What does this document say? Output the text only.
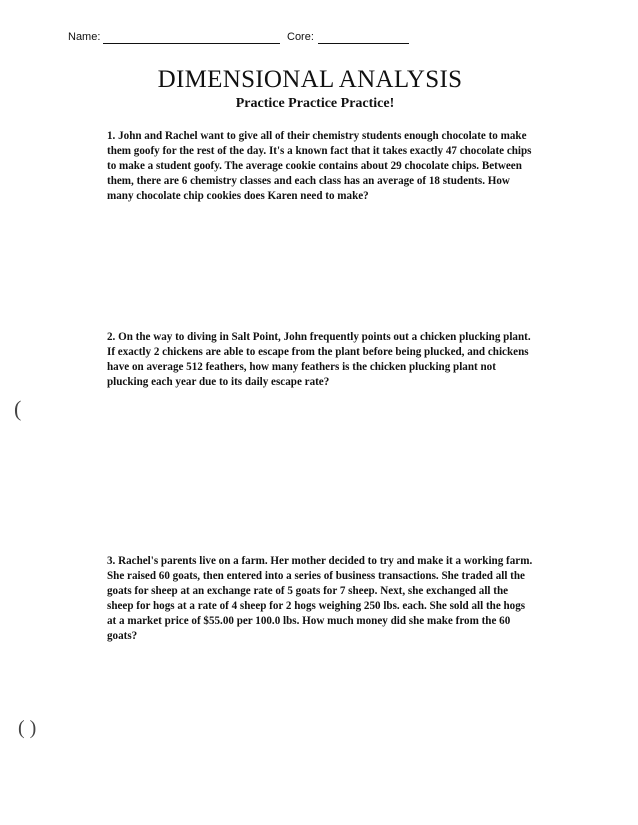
Name:	Core:
DIMENSIONAL ANALYSIS
Practice Practice Practice!
1. John and Rachel want to give all of their chemistry students enough chocolate to make them goofy for the rest of the day. It's a known fact that it takes exactly 47 chocolate chips to make a student goofy. The average cookie contains about 29 chocolate chips. Between them, there are 6 chemistry classes and each class has an average of 18 students. How many chocolate chip cookies does Karen need to make?
2. On the way to diving in Salt Point, John frequently points out a chicken plucking plant. If exactly 2 chickens are able to escape from the plant before being plucked, and chickens have on average 512 feathers, how many feathers is the chicken plucking plant not plucking each year due to its daily escape rate?
3. Rachel's parents live on a farm. Her mother decided to try and make it a working farm. She raised 60 goats, then entered into a series of business transactions. She traded all the goats for sheep at an exchange rate of 5 goats for 7 sheep. Next, she exchanged all the sheep for hogs at a rate of 4 sheep for 2 hogs weighing 250 lbs. each. She sold all the hogs at a market price of $55.00 per 100.0 lbs. How much money did she make from the 60 goats?
(
( )
